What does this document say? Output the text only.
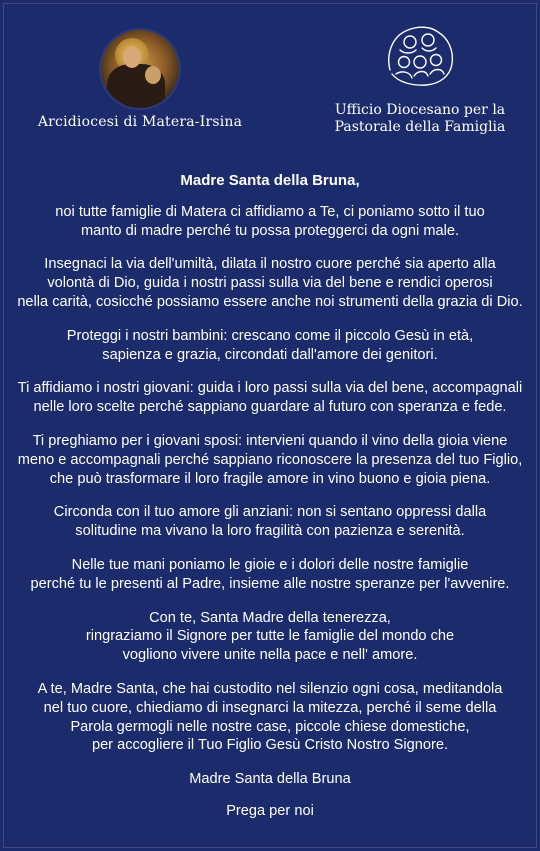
Arcidiocesi di Matera-Irsina
Ufficio Diocesano per la
Pastorale della Famiglia
Madre Santa della Bruna,

noi tutte famiglie di Matera ci affidiamo a Te, ci poniamo sotto il tuo
manto di madre perché tu possa proteggerci da ogni male.

Insegnaci la via dell'umiltà, dilata il nostro cuore perché sia aperto alla
volontà di Dio, guida i nostri passi sulla via del bene e rendici operosi
nella carità, cosicché possiamo essere anche noi strumenti della grazia di Dio.

Proteggi i nostri bambini: crescano come il piccolo Gesù in età,
sapienza e grazia, circondati dall'amore dei genitori.

Ti affidiamo i nostri giovani: guida i loro passi sulla via del bene, accompagnali
nelle loro scelte perché sappiano guardare al futuro con speranza e fede.

Ti preghiamo per i giovani sposi: intervieni quando il vino della gioia viene
meno e accompagnali perché sappiano riconoscere la presenza del tuo Figlio,
che può trasformare il loro fragile amore in vino buono e gioia piena.

Circonda con il tuo amore gli anziani: non si sentano oppressi dalla
solitudine ma vivano la loro fragilità con pazienza e serenità.

Nelle tue mani poniamo le gioie e i dolori delle nostre famiglie
perché tu le presenti al Padre, insieme alle nostre speranze per l'avvenire.

Con te, Santa Madre della tenerezza,
ringraziamo il Signore per tutte le famiglie del mondo che
vogliono vivere unite nella pace e nell' amore.

A te, Madre Santa, che hai custodito nel silenzio ogni cosa, meditandola
nel tuo cuore, chiediamo di insegnarci la mitezza, perché il seme della
Parola germogli nelle nostre case, piccole chiese domestiche,
per accogliere il Tuo Figlio Gesù Cristo Nostro Signore.

Madre Santa della Bruna
Prega per noi
